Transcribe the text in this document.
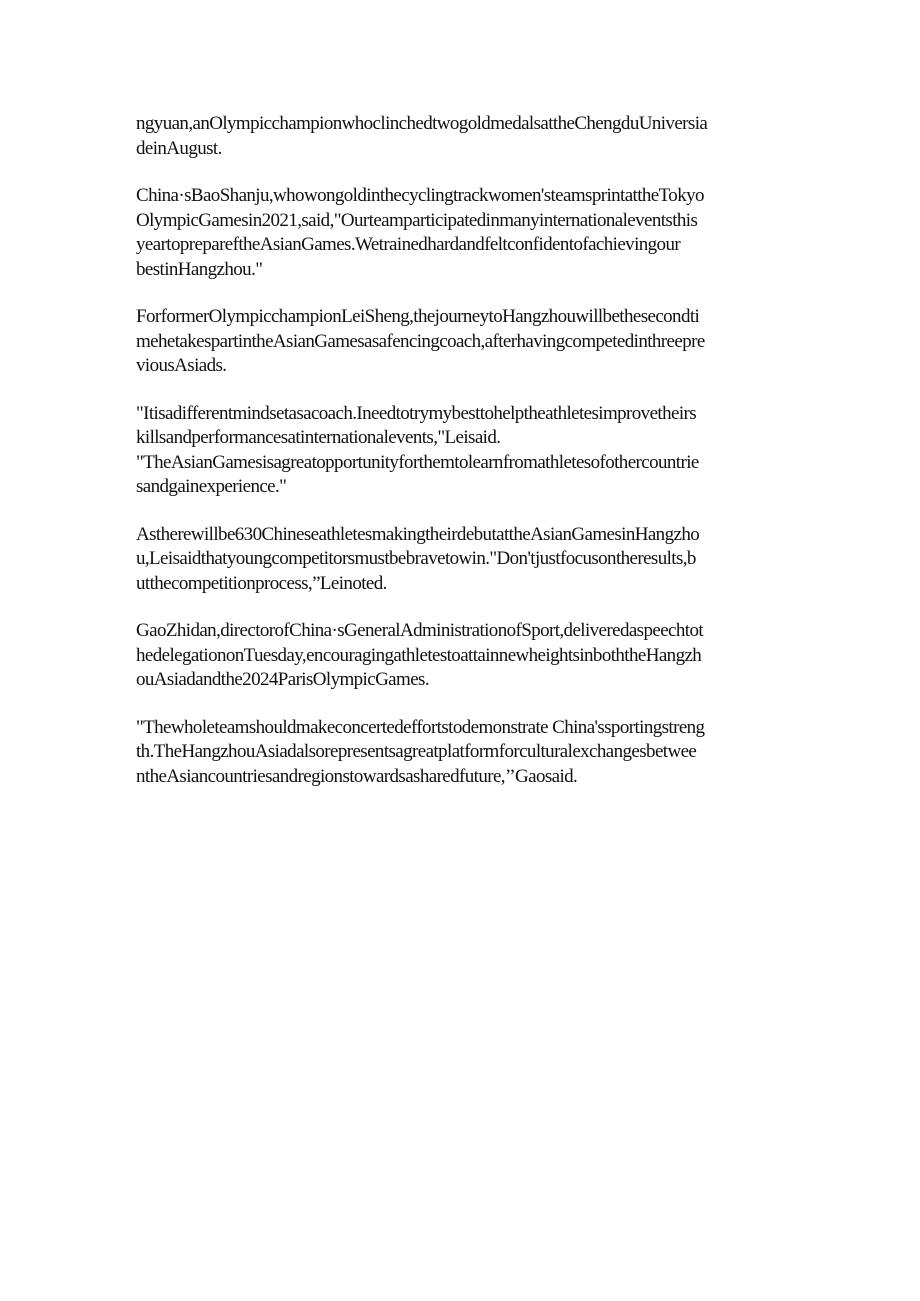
ngyuan,anOlympicchampionwhoclinchedtwogoldmedalsattheChengduUniversia
deinAugust.

China·sBaoShanju,whowongoldinthecyclingtrackwomen'steamsprintattheTokyo
OlympicGamesin2021,said,"Ourteamparticipatedinmanyinternationaleventsthis
yeartoprepareftheAsianGames.Wetrainedhardandfeltconfidentofachievingour
bestinHangzhou."

ForformerOlympicchampionLeiSheng,thejourneytoHangzhouwillbethesecondti
mehetakespartintheAsianGamesasafencingcoach,afterhavingcompetedinthreepre
viousAsiads.

"Itisadifferentmindsetasacoach.Ineedtotrymybesttohelptheathletesimprovetheirs
killsandperformancesatinternationalevents,"Leisaid.
"TheAsianGamesisagreatopportunityforthemtolearnfromathletesofothercountrie
sandgainexperience."

Astherewillbe630ChineseathletesmakingtheirdebutattheAsianGamesinHangzho
u,Leisaidthatyoungcompetitorsmustbebravetowin."Don'tjustfocusontheresults,b
utthecompetitionprocess,”Leinoted.

GaoZhidan,directorofChina·sGeneralAdministrationofSport,deliveredaspeechtot
hedelegationonTuesday,encouragingathletestoattainnewheightsinboththeHangzh
ouAsiadandthe2024ParisOlympicGames.

"Thewholeteamshouldmakeconcertedeffortstodemonstrate China'ssportingstreng
th.TheHangzhouAsiadalsorepresentsagreatplatformforculturalexchangesbetwee
ntheAsiancountriesandregionstowardsasharedfuture,’’Gaosaid.
